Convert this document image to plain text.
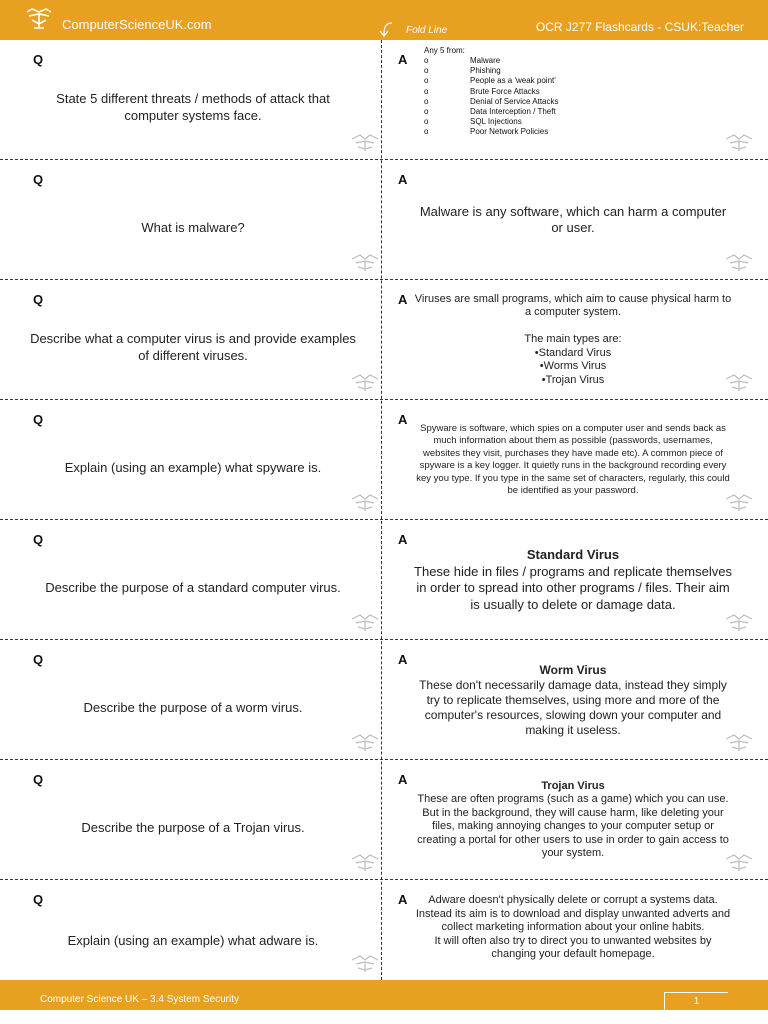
ComputerScienceUK.com	Fold Line	OCR J277 Flashcards - CSUK:Teacher
Q
State 5 different threats / methods of attack that computer systems face.
A
Any 5 from:
o Malware
o Phishing
o People as a 'weak point'
o Brute Force Attacks
o Denial of Service Attacks
o Data Interception / Theft
o SQL Injections
o Poor Network Policies
Q
What is malware?
A
Malware is any software, which can harm a computer or user.
Q
Describe what a computer virus is and provide examples of different viruses.
A Viruses are small programs, which aim to cause physical harm to a computer system.

The main types are:
•Standard Virus
•Worms Virus
•Trojan Virus
Q
Explain (using an example) what spyware is.
A
Spyware is software, which spies on a computer user and sends back as much information about them as possible (passwords, usernames, websites they visit, purchases they have made etc). A common piece of spyware is a key logger. It quietly runs in the background recording every key you type. If you type in the same set of characters, regularly, this could be identified as your password.
Q
Describe the purpose of a standard computer virus.
A
Standard Virus
These hide in files / programs and replicate themselves in order to spread into other programs / files. Their aim is usually to delete or damage data.
Q
Describe the purpose of a worm virus.
A
Worm Virus
These don't necessarily damage data, instead they simply try to replicate themselves, using more and more of the computer's resources, slowing down your computer and making it useless.
Q
Describe the purpose of a Trojan virus.
A	Trojan Virus
These are often programs (such as a game) which you can use. But in the background, they will cause harm, like deleting your files, making annoying changes to your computer setup or creating a portal for other users to use in order to gain access to your system.
Q
Explain (using an example) what adware is.
A	Adware doesn't physically delete or corrupt a systems data. Instead its aim is to download and display unwanted adverts and collect marketing information about your online habits.
It will often also try to direct you to unwanted websites by changing your default homepage.
Computer Science UK – 3.4 System Security	1
